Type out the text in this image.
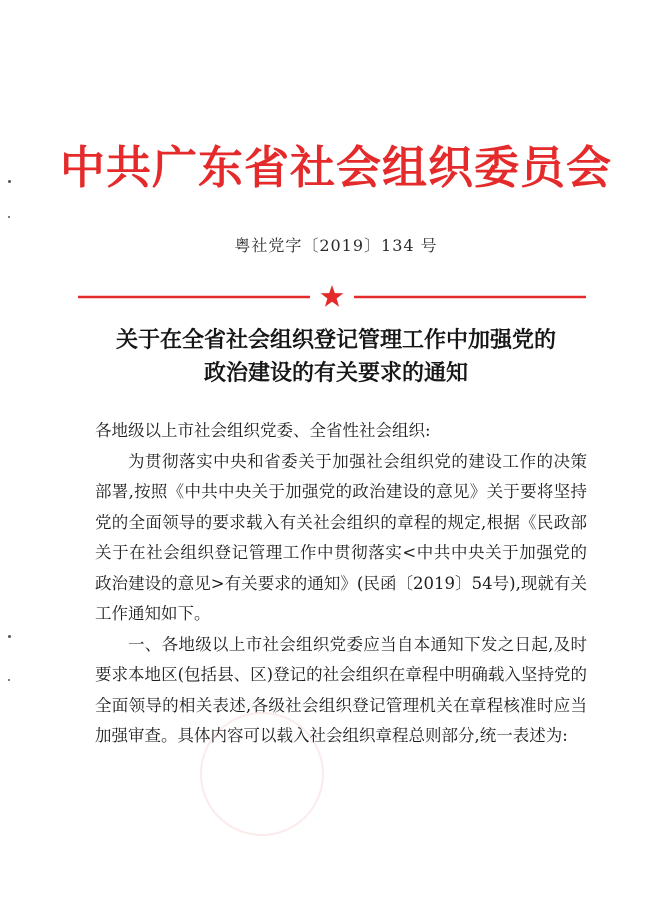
中共广东省社会组织委员会
粤社党字〔2019〕134 号
关于在全省社会组织登记管理工作中加强党的
政治建设的有关要求的通知

各地级以上市社会组织党委、全省性社会组织:

为贯彻落实中央和省委关于加强社会组织党的建设工作的决策部署,按照《中共中央关于加强党的政治建设的意见》关于要将坚持党的全面领导的要求载入有关社会组织的章程的规定,根据《民政部关于在社会组织登记管理工作中贯彻落实<中共中央关于加强党的政治建设的意见>有关要求的通知》(民函〔2019〕54号),现就有关工作通知如下。

一、各地级以上市社会组织党委应当自本通知下发之日起,及时要求本地区(包括县、区)登记的社会组织在章程中明确载入坚持党的全面领导的相关表述,各级社会组织登记管理机关在章程核准时应当加强审查。具体内容可以载入社会组织章程总则部分,统一表述为:
